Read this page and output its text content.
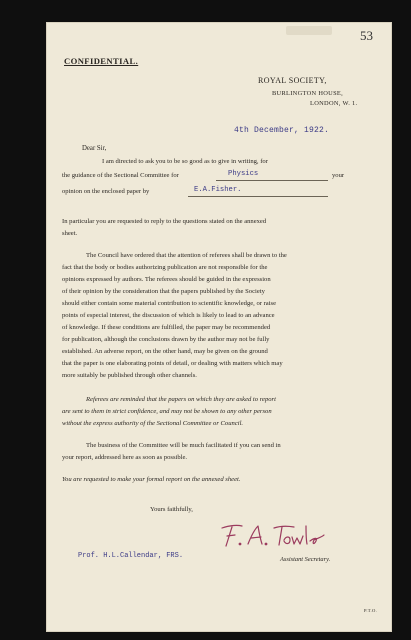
53
CONFIDENTIAL.
ROYAL SOCIETY,
BURLINGTON HOUSE,
LONDON, W. 1.
4th December, 1922.
Dear Sir,
I am directed to ask you to be so good as to give in writing, for
the guidance of the Sectional Committee for	Physics	your
opinion on the enclosed paper by	E.A.Fisher.
In particular you are requested to reply to the questions stated on the annexed
sheet.
The Council have ordered that the attention of referees shall be drawn to the
fact that the body or bodies authorizing publication are not responsible for the
opinions expressed by authors. The referees should be guided in the expression
of their opinion by the consideration that the papers published by the Society
should either contain some material contribution to scientific knowledge, or raise
points of especial interest, the discussion of which is likely to lead to an advance
of knowledge. If these conditions are fulfilled, the paper may be recommended
for publication, although the conclusions drawn by the author may not be fully
established. An adverse report, on the other hand, may be given on the ground
that the paper is one elaborating points of detail, or dealing with matters which may
more suitably be published through other channels.
Referees are reminded that the papers on which they are asked to report
are sent to them in strict confidence, and may not be shown to any other person
without the express authority of the Sectional Committee or Council.
The business of the Committee will be much facilitated if you can send in
your report, addressed here as soon as possible.
You are requested to make your formal report on the annexed sheet.
Yours faithfully,
Prof. H.L.Callendar, FRS.	Assistant Secretary.
P.T.O.
